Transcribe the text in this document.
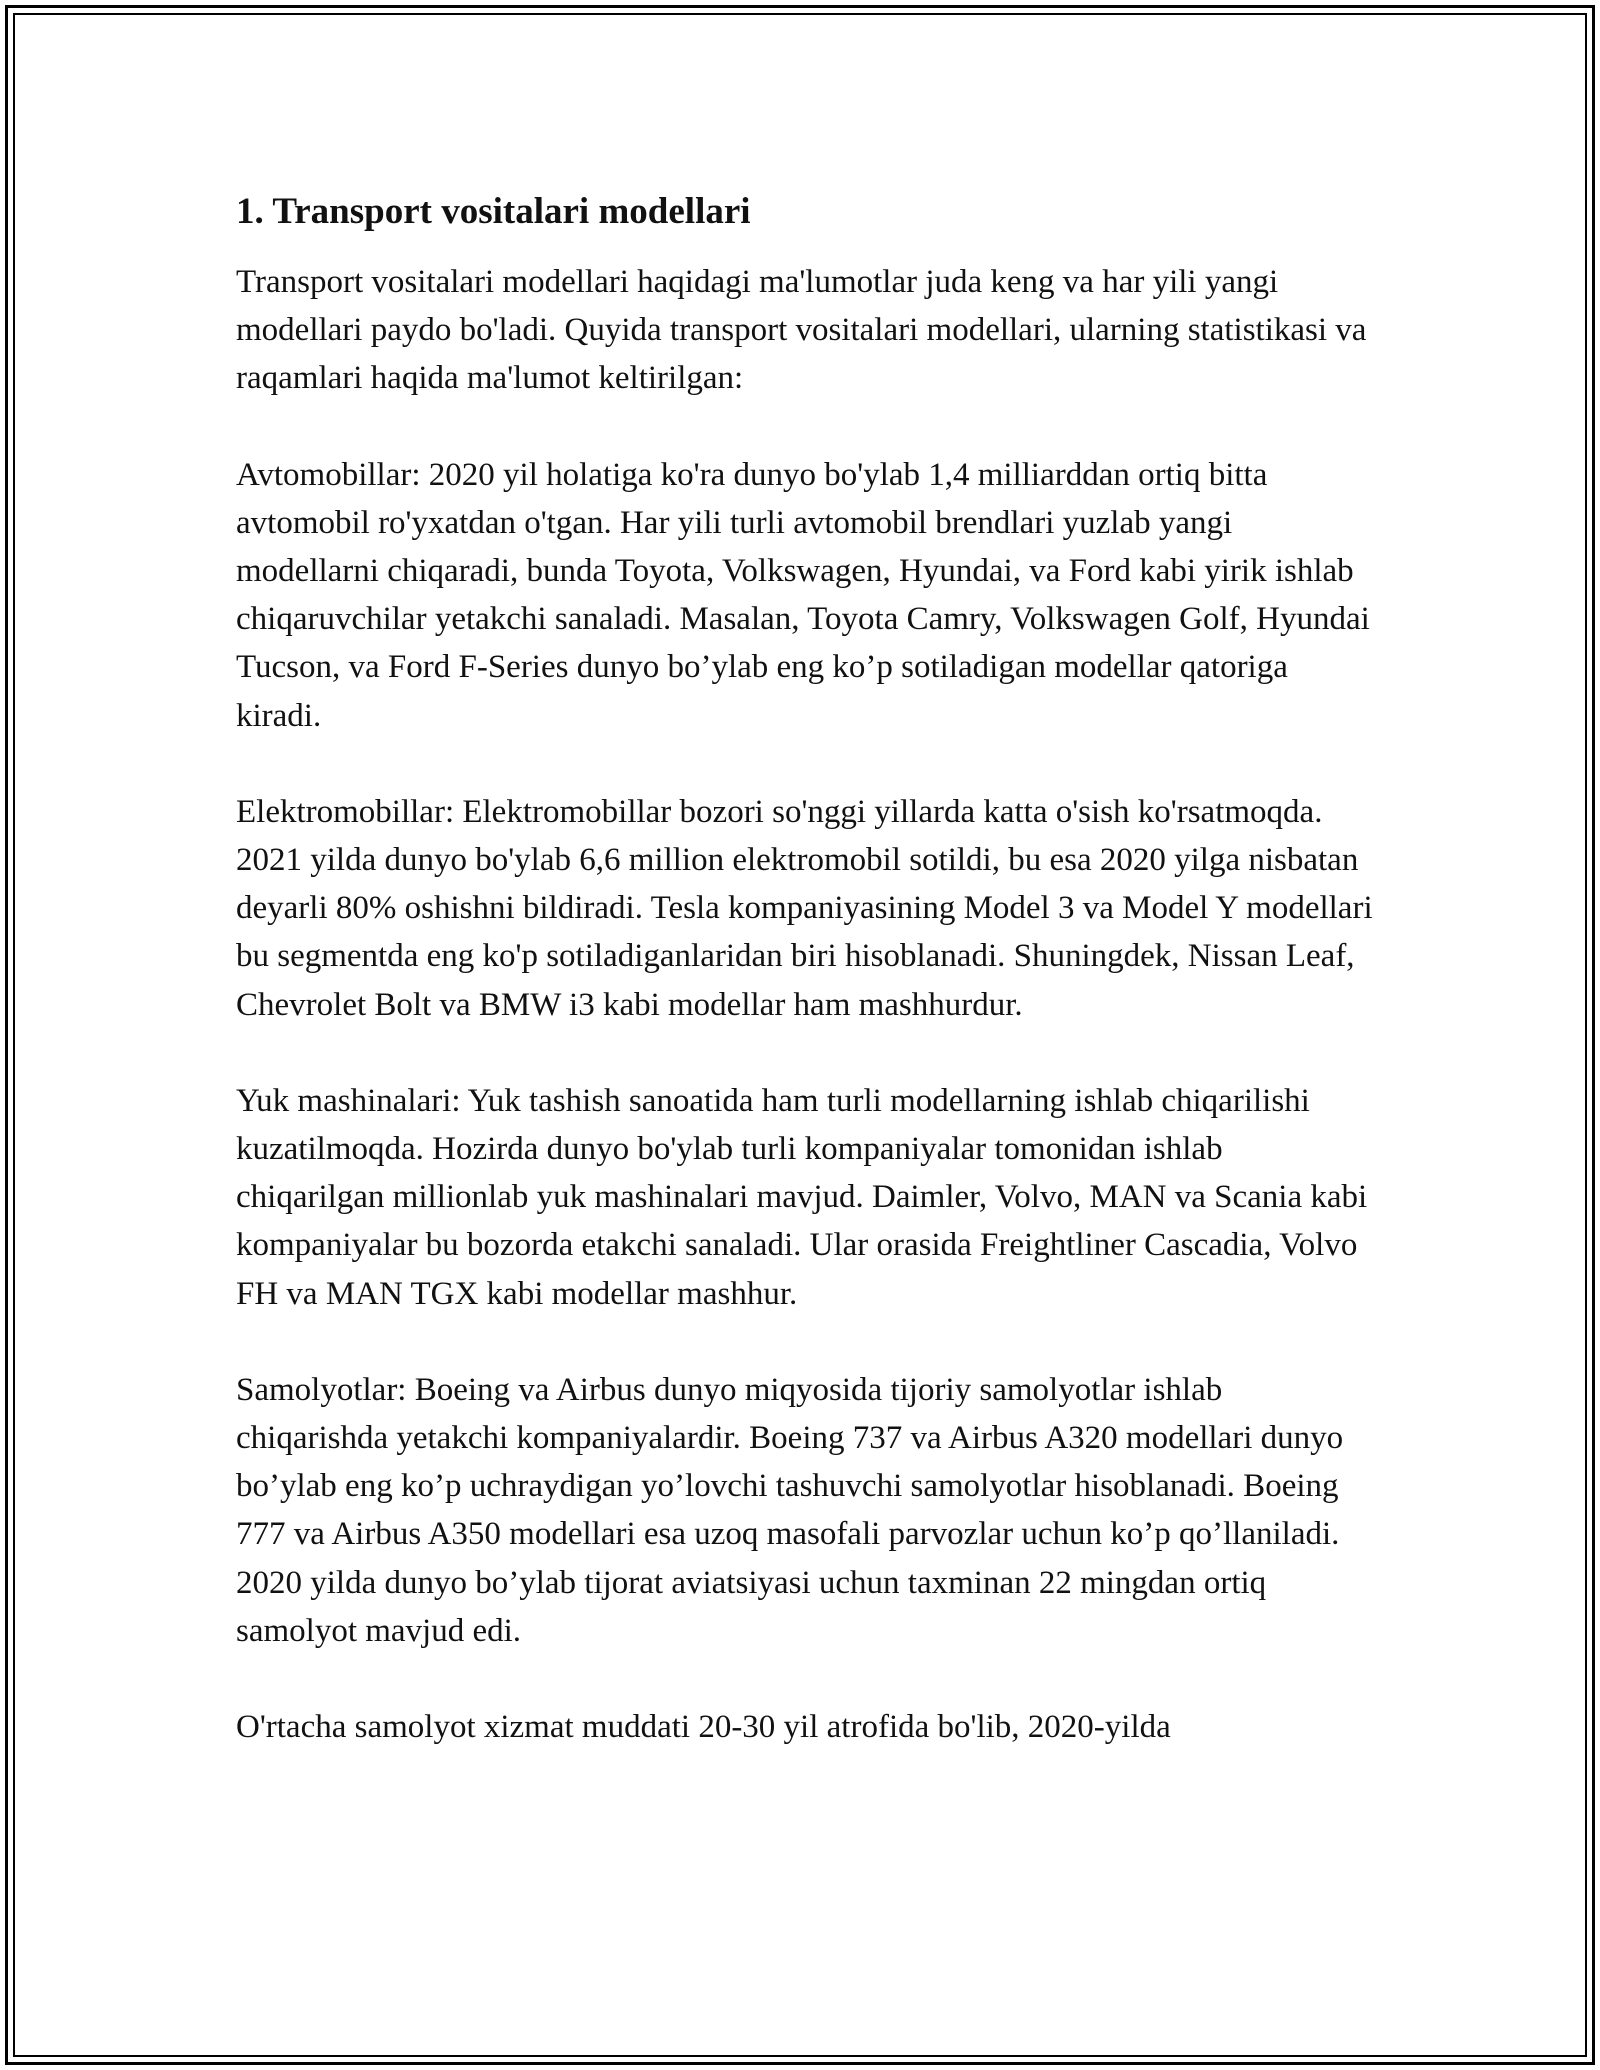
1. Transport vositalari modellari

Transport vositalari modellari haqidagi ma'lumotlar juda keng va har yili yangi modellari paydo bo'ladi. Quyida transport vositalari modellari, ularning statistikasi va raqamlari haqida ma'lumot keltirilgan:

Avtomobillar: 2020 yil holatiga ko'ra dunyo bo'ylab 1,4 milliarddan ortiq bitta avtomobil ro'yxatdan o'tgan. Har yili turli avtomobil brendlari yuzlab yangi modellarni chiqaradi, bunda Toyota, Volkswagen, Hyundai, va Ford kabi yirik ishlab chiqaruvchilar yetakchi sanaladi. Masalan, Toyota Camry, Volkswagen Golf, Hyundai Tucson, va Ford F-Series dunyo bo’ylab eng ko’p sotiladigan modellar qatoriga kiradi.

Elektromobillar: Elektromobillar bozori so'nggi yillarda katta o'sish ko'rsatmoqda. 2021 yilda dunyo bo'ylab 6,6 million elektromobil sotildi, bu esa 2020 yilga nisbatan deyarli 80% oshishni bildiradi. Tesla kompaniyasining Model 3 va Model Y modellari bu segmentda eng ko'p sotiladiganlaridan biri hisoblanadi. Shuningdek, Nissan Leaf, Chevrolet Bolt va BMW i3 kabi modellar ham mashhurdur.

Yuk mashinalari: Yuk tashish sanoatida ham turli modellarning ishlab chiqarilishi kuzatilmoqda. Hozirda dunyo bo'ylab turli kompaniyalar tomonidan ishlab chiqarilgan millionlab yuk mashinalari mavjud. Daimler, Volvo, MAN va Scania kabi kompaniyalar bu bozorda etakchi sanaladi. Ular orasida Freightliner Cascadia, Volvo FH va MAN TGX kabi modellar mashhur.

Samolyotlar: Boeing va Airbus dunyo miqyosida tijoriy samolyotlar ishlab chiqarishda yetakchi kompaniyalardir. Boeing 737 va Airbus A320 modellari dunyo bo’ylab eng ko’p uchraydigan yo’lovchi tashuvchi samolyotlar hisoblanadi. Boeing 777 va Airbus A350 modellari esa uzoq masofali parvozlar uchun ko’p qo’llaniladi. 2020 yilda dunyo bo’ylab tijorat aviatsiyasi uchun taxminan 22 mingdan ortiq samolyot mavjud edi.

O'rtacha samolyot xizmat muddati 20-30 yil atrofida bo'lib, 2020-yilda
